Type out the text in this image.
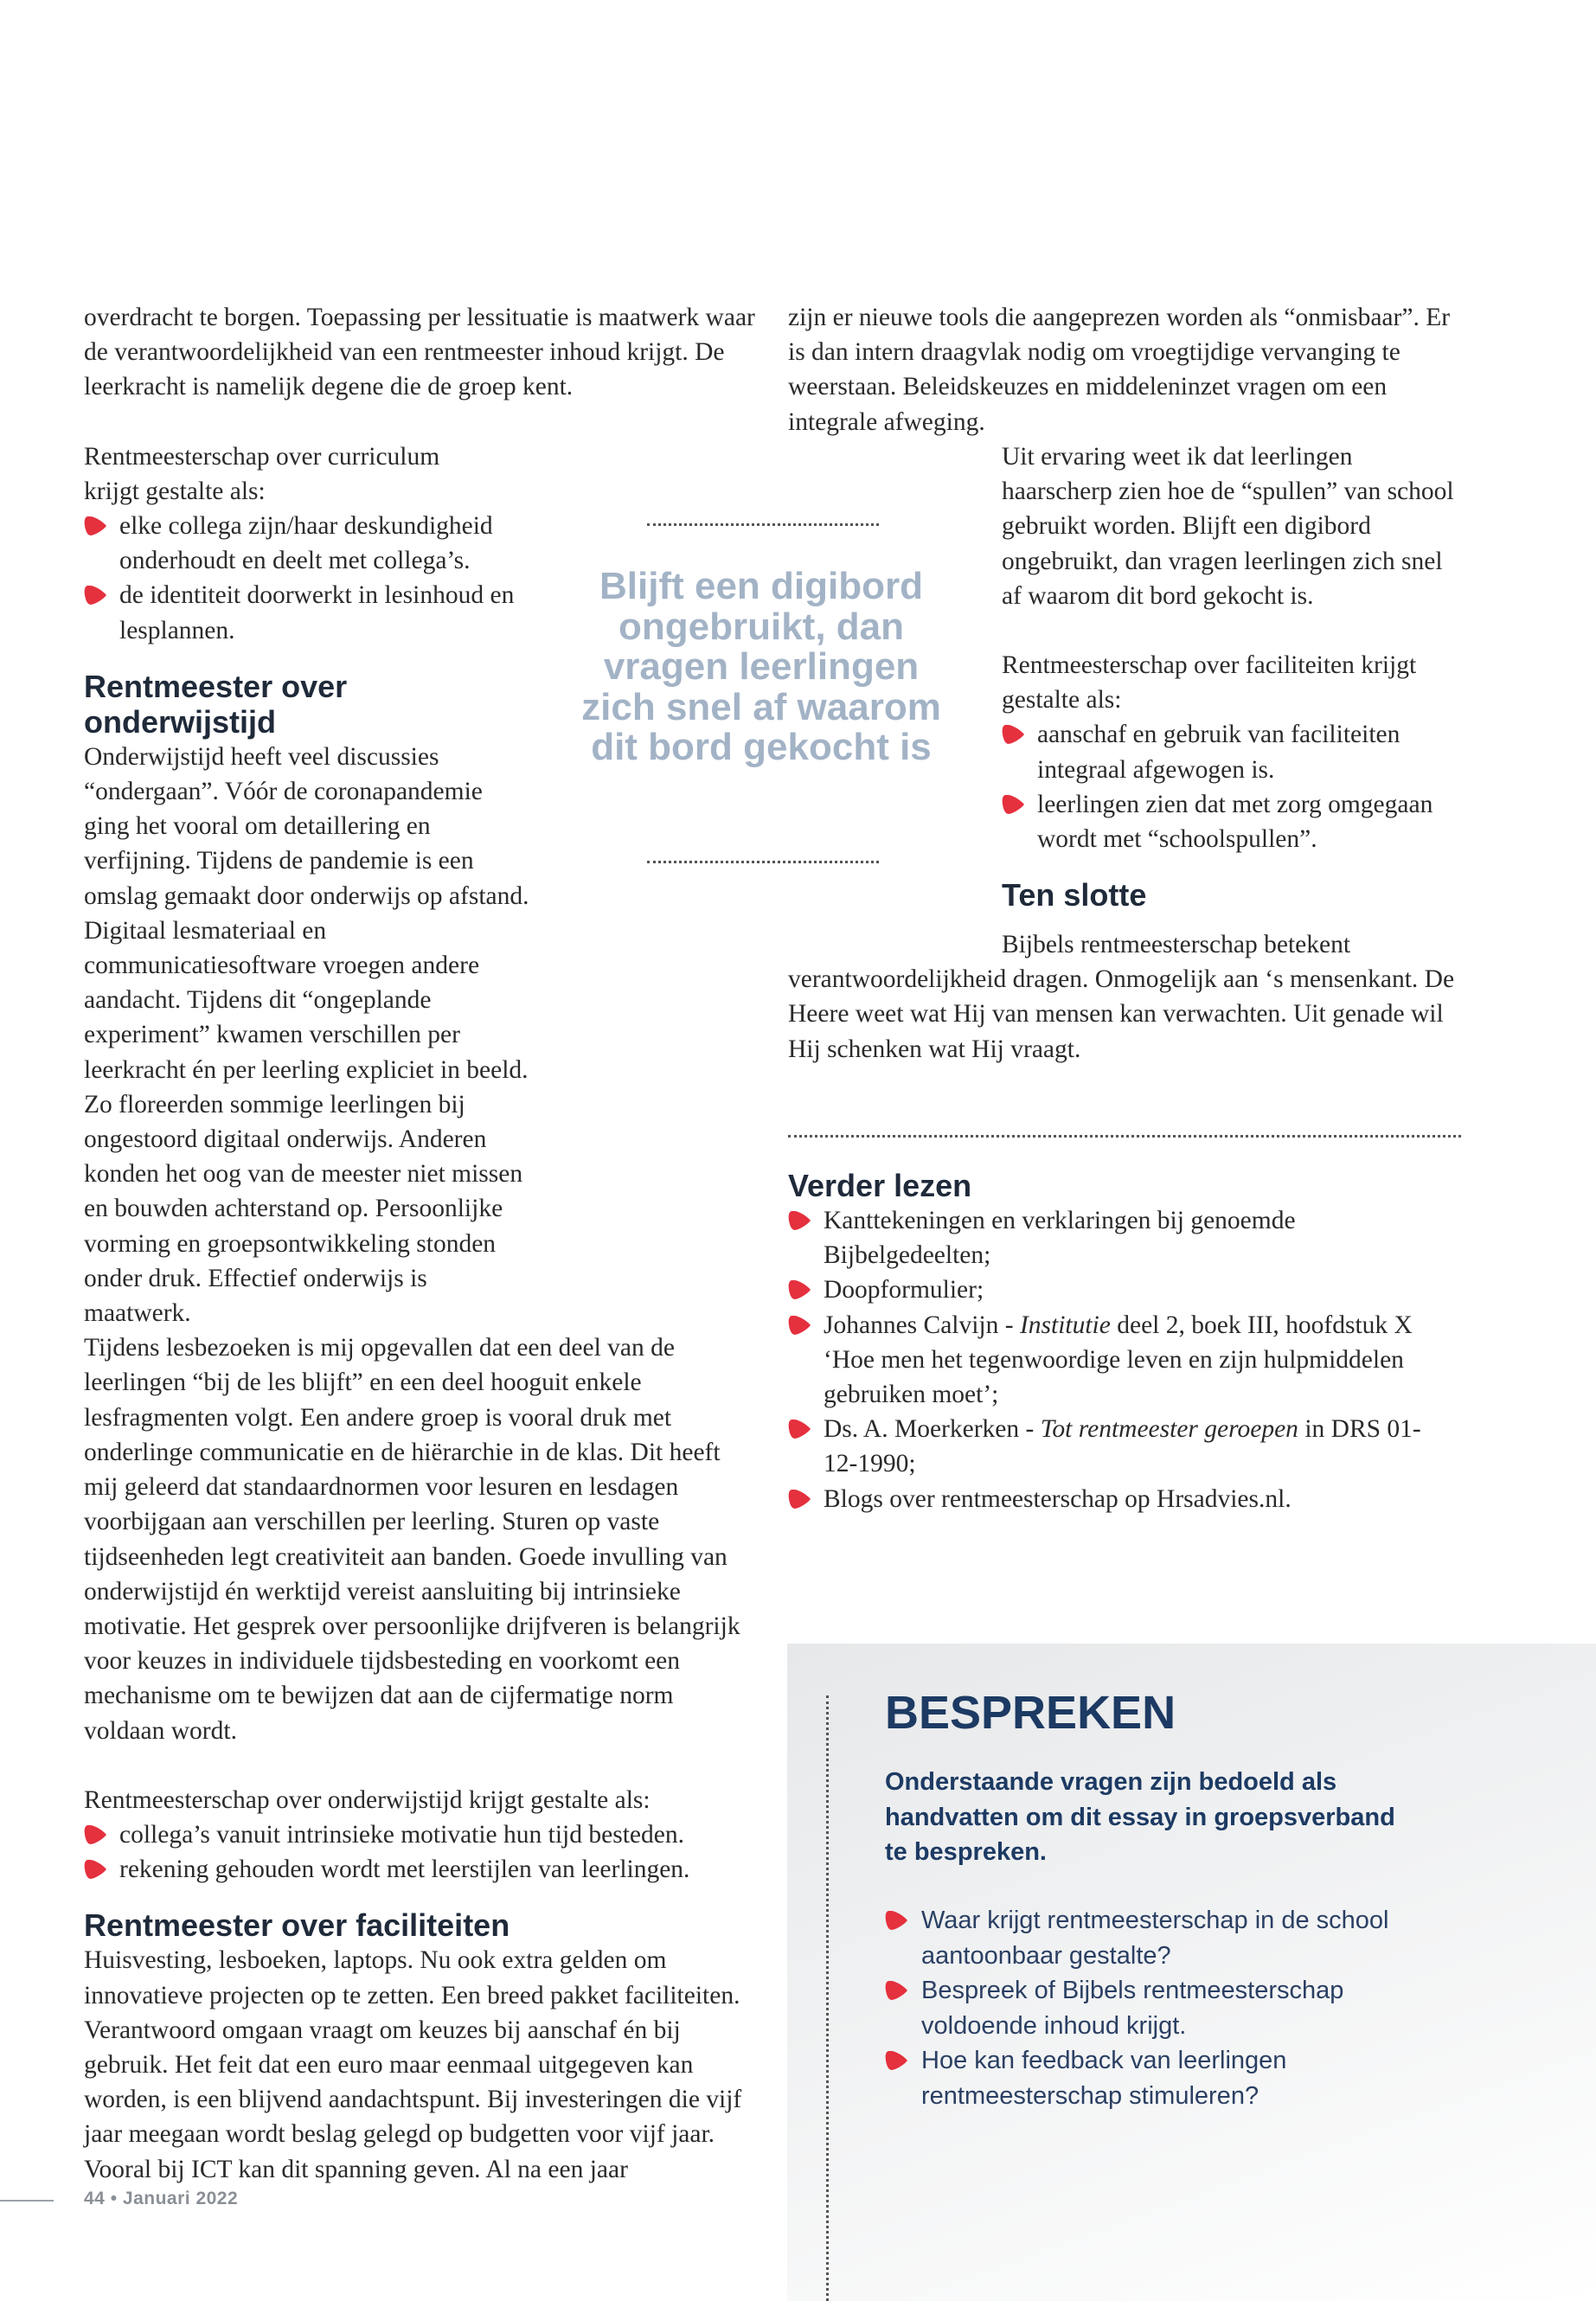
overdracht te borgen. Toepassing per lessituatie is maatwerk waar de verantwoordelijkheid van een rentmeester inhoud krijgt. De leerkracht is namelijk degene die de groep kent.

Rentmeesterschap over curriculum krijgt gestalte als:

elke collega zijn/haar deskundigheid onderhoudt en deelt met collega’s.
de identiteit doorwerkt in lesinhoud en lesplannen.

Rentmeester over
onderwijstijd

Onderwijstijd heeft veel discussies “ondergaan”. Vóór de coronapandemie ging het vooral om detaillering en verfijning. Tijdens de pandemie is een omslag gemaakt door onderwijs op afstand. Digitaal lesmateriaal en communicatiesoftware vroegen andere aandacht. Tijdens dit “ongeplande experiment” kwamen verschillen per leerkracht én per leerling expliciet in beeld. Zo floreerden sommige leerlingen bij ongestoord digitaal onderwijs. Anderen konden het oog van de meester niet missen en bouwden achterstand op. Persoonlijke vorming en groepsontwikkeling stonden onder druk. Effectief onderwijs is maatwerk.

Tijdens lesbezoeken is mij opgevallen dat een deel van de leerlingen “bij de les blijft” en een deel hooguit enkele lesfragmenten volgt. Een andere groep is vooral druk met onderlinge communicatie en de hiërarchie in de klas. Dit heeft mij geleerd dat standaardnormen voor lesuren en lesdagen voorbijgaan aan verschillen per leerling. Sturen op vaste tijdseenheden legt creativiteit aan banden. Goede invulling van onderwijstijd én werktijd vereist aansluiting bij intrinsieke motivatie. Het gesprek over persoonlijke drijfveren is belangrijk voor keuzes in individuele tijdsbesteding en voorkomt een mechanisme om te bewijzen dat aan de cijfermatige norm voldaan wordt.

Rentmeesterschap over onderwijstijd krijgt gestalte als:

collega’s vanuit intrinsieke motivatie hun tijd besteden.
rekening gehouden wordt met leerstijlen van leerlingen.

Rentmeester over faciliteiten

Huisvesting, lesboeken, laptops. Nu ook extra gelden om innovatieve projecten op te zetten. Een breed pakket faciliteiten. Verantwoord omgaan vraagt om keuzes bij aanschaf én bij gebruik. Het feit dat een euro maar eenmaal uitgegeven kan worden, is een blijvend aandachtspunt. Bij investeringen die vijf jaar meegaan wordt beslag gelegd op budgetten voor vijf jaar. Vooral bij ICT kan dit spanning geven. Al na een jaar

Blijft een digibord ongebruikt, dan vragen leerlingen zich snel af waarom dit bord gekocht is

zijn er nieuwe tools die aangeprezen worden als “onmisbaar”. Er is dan intern draagvlak nodig om vroegtijdige vervanging te weerstaan. Beleidskeuzes en middeleninzet vragen om een integrale afweging.

Uit ervaring weet ik dat leerlingen haarscherp zien hoe de “spullen” van school gebruikt worden. Blijft een digibord ongebruikt, dan vragen leerlingen zich snel af waarom dit bord gekocht is.

Rentmeesterschap over faciliteiten krijgt gestalte als:

aanschaf en gebruik van faciliteiten integraal afgewogen is.
leerlingen zien dat met zorg omgegaan wordt met “schoolspullen”.

Ten slotte

Bijbels rentmeesterschap betekent verantwoordelijkheid dragen. Onmogelijk aan ‘s mensenkant. De Heere weet wat Hij van mensen kan verwachten. Uit genade wil Hij schenken wat Hij vraagt.

Verder lezen

Kanttekeningen en verklaringen bij genoemde Bijbelgedeelten;
Doopformulier;
Johannes Calvijn - Institutie deel 2, boek III, hoofdstuk X ‘Hoe men het tegenwoordige leven en zijn hulpmiddelen gebruiken moet’;
Ds. A. Moerkerken - Tot rentmeester geroepen in DRS 01-12-1990;
Blogs over rentmeesterschap op Hrsadvies.nl.

BESPREKEN

Onderstaande vragen zijn bedoeld als handvatten om dit essay in groepsverband te bespreken.

Waar krijgt rentmeesterschap in de school aantoonbaar gestalte?
Bespreek of Bijbels rentmeesterschap voldoende inhoud krijgt.
Hoe kan feedback van leerlingen rentmeesterschap stimuleren?
44 • Januari 2022
